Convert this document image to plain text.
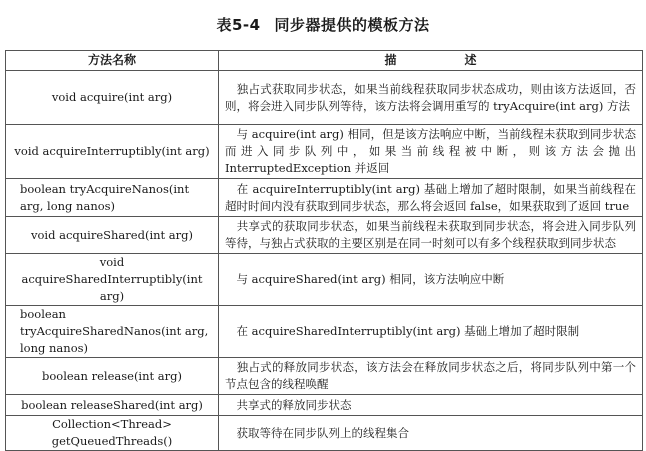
表5-4 同步器提供的模板方法
方法名称	描　述
void acquire(int arg)	　独占式获取同步状态，如果当前线程获取同步状态成功，则由该方法返回，否则，将会进入同步队列等待，该方法将会调用重写的 tryAcquire(int arg) 方法
void acquireInterruptibly(int arg)	　与 acquire(int arg) 相同，但是该方法响应中断，当前线程未获取到同步状态而进入同步队列中，如果当前线程被中断，则该方法会抛出 InterruptedException 并返回
boolean tryAcquireNanos(int arg, long nanos)	　在 acquireInterruptibly(int arg) 基础上增加了超时限制，如果当前线程在超时时间内没有获取到同步状态，那么将会返回 false，如果获取到了返回 true
void acquireShared(int arg)	　共享式的获取同步状态，如果当前线程未获取到同步状态，将会进入同步队列等待，与独占式获取的主要区别是在同一时刻可以有多个线程获取到同步状态
void acquireSharedInterruptibly(int arg)	　与 acquireShared(int arg) 相同，该方法响应中断
boolean tryAcquireSharedNanos(int arg, long nanos)	　在 acquireSharedInterruptibly(int arg) 基础上增加了超时限制
boolean release(int arg)	　独占式的释放同步状态，该方法会在释放同步状态之后，将同步队列中第一个节点包含的线程唤醒
boolean releaseShared(int arg)	　共享式的释放同步状态
Collection<Thread> getQueuedThreads()	　获取等待在同步队列上的线程集合
